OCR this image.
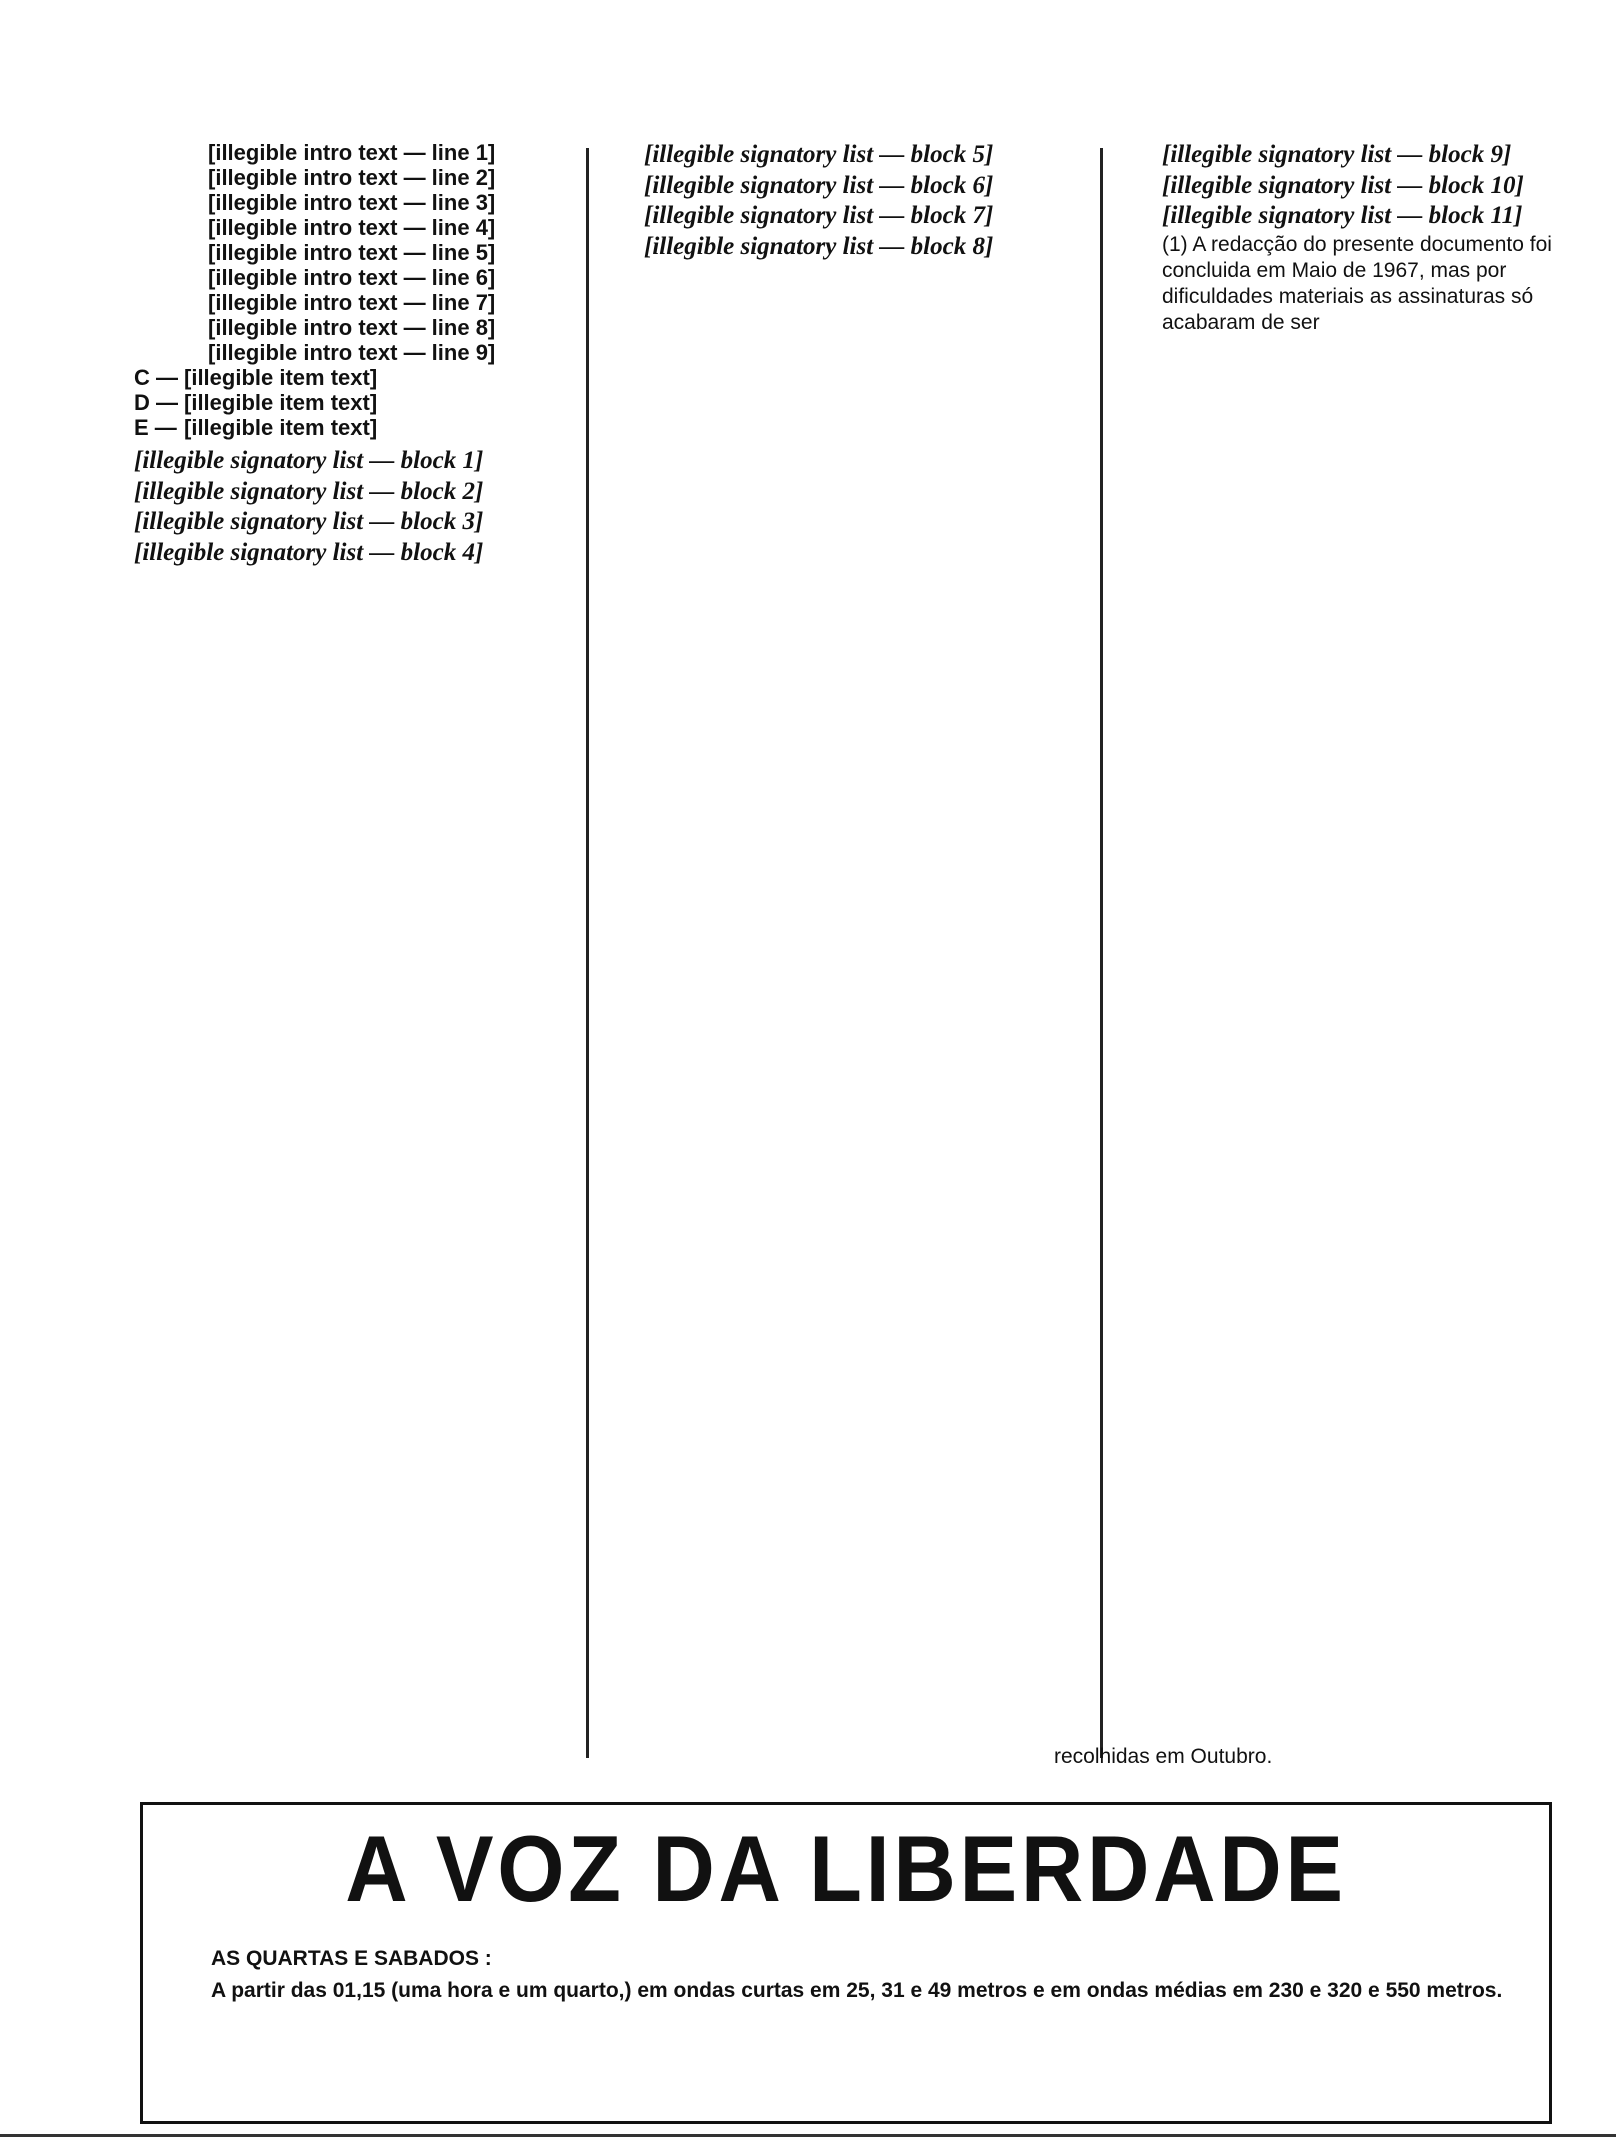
[illegible intro text — line 1]

[illegible intro text — line 2]

[illegible intro text — line 3]

[illegible intro text — line 4]

[illegible intro text — line 5]

[illegible intro text — line 6]

[illegible intro text — line 7]

[illegible intro text — line 8]

[illegible intro text — line 9]

C — [illegible item text]
D — [illegible item text]
E — [illegible item text]

[illegible signatory list — block 1]

[illegible signatory list — block 2]

[illegible signatory list — block 3]

[illegible signatory list — block 4]

[illegible signatory list — block 5]

[illegible signatory list — block 6]

[illegible signatory list — block 7]

[illegible signatory list — block 8]

[illegible signatory list — block 9]

[illegible signatory list — block 10]

[illegible signatory list — block 11]

(1) A redacção do presente documento foi concluida em Maio de 1967, mas por dificuldades materiais as assinaturas só acabaram de ser

recolhidas em Outubro.
A VOZ DA LIBERDADE
AS QUARTAS E SABADOS :
A partir das 01,15 (uma hora e um quarto,) em ondas curtas em 25, 31 e 49 metros e em ondas médias em 230 e 320 e 550 metros.
